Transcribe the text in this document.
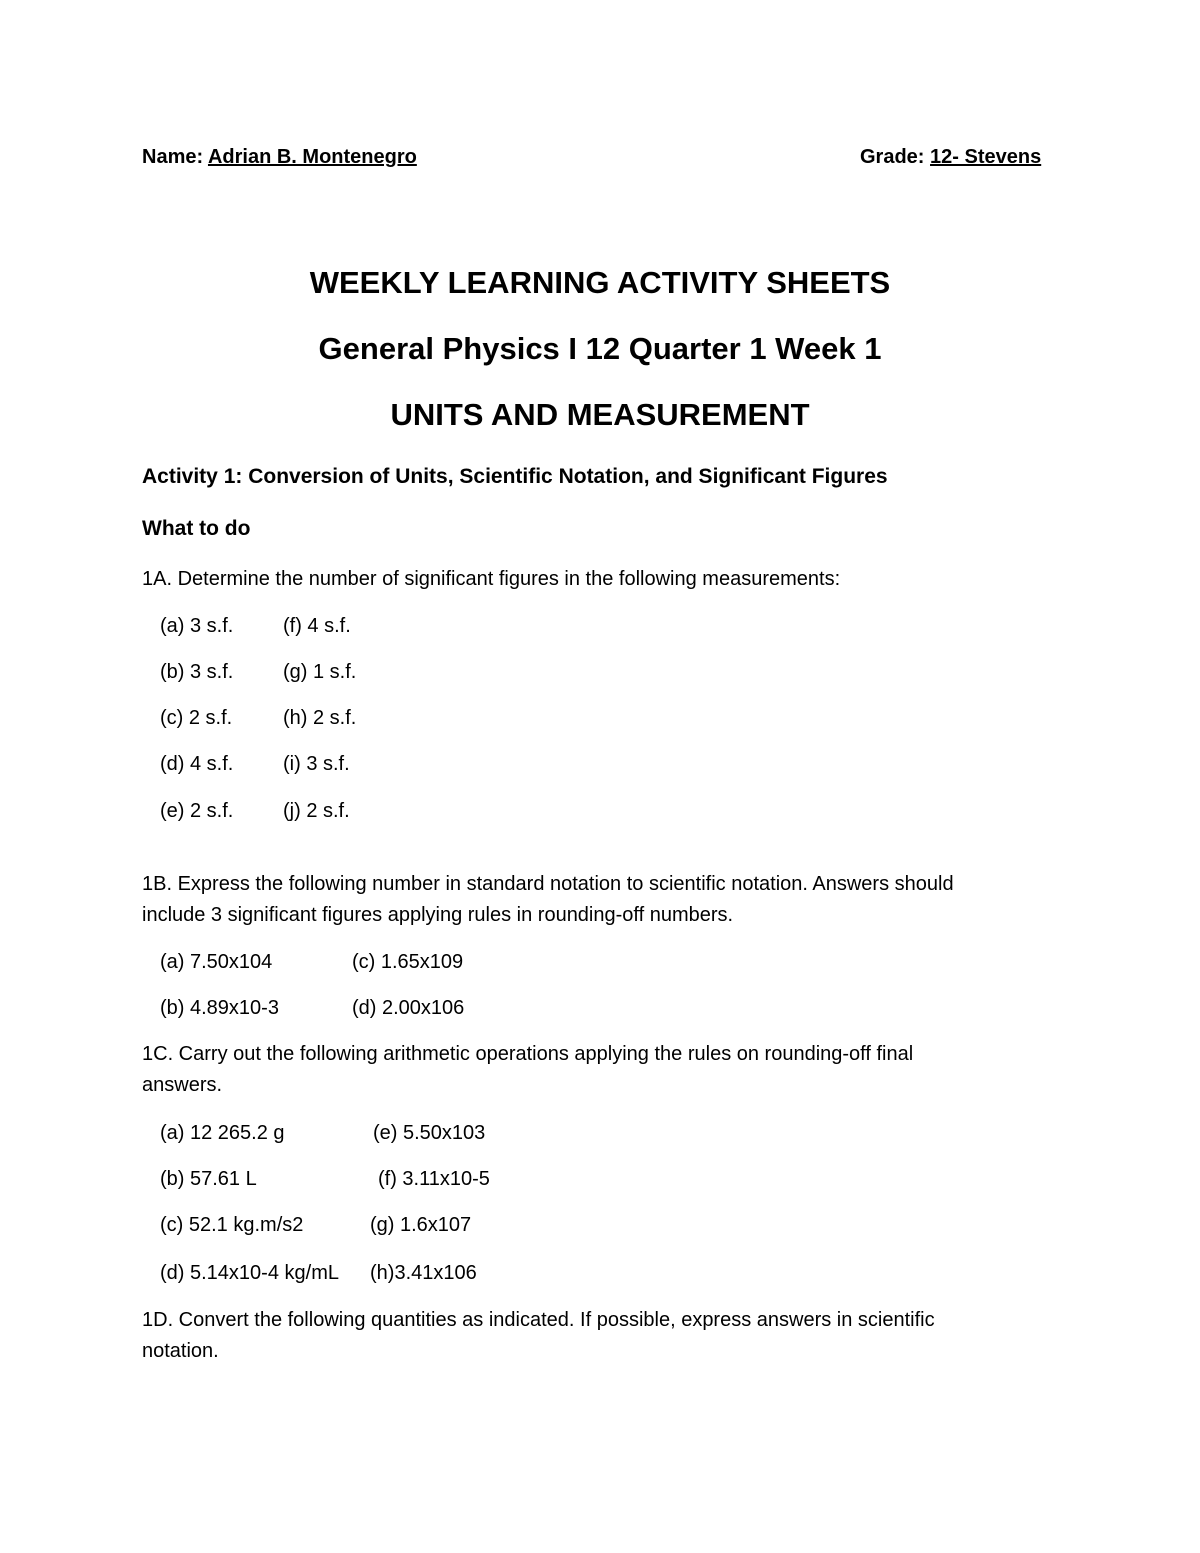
Name: Adrian B. Montenegro	Grade: 12- Stevens
WEEKLY LEARNING ACTIVITY SHEETS
General Physics I 12 Quarter 1 Week 1
UNITS AND MEASUREMENT
Activity 1: Conversion of Units, Scientific Notation, and Significant Figures
What to do
1A. Determine the number of significant figures in the following measurements:
(a) 3 s.f.
(b) 3 s.f.
(c) 2 s.f.
(d) 4 s.f.
(e) 2 s.f.
(f) 4 s.f.
(g) 1 s.f.
(h) 2 s.f.
(i) 3 s.f.
(j) 2 s.f.
1B. Express the following number in standard notation to scientific notation. Answers should
include 3 significant figures applying rules in rounding-off numbers.
(a) 7.50x104
(b) 4.89x10-3
(c) 1.65x109
(d) 2.00x106
1C. Carry out the following arithmetic operations applying the rules on rounding-off final
answers.
(a) 12 265.2 g
(b) 57.61 L
(c) 52.1 kg.m/s2
(d) 5.14x10-4 kg/mL
(e) 5.50x103
(f) 3.11x10-5
(g) 1.6x107
(h)3.41x106
1D. Convert the following quantities as indicated. If possible, express answers in scientific
notation.
